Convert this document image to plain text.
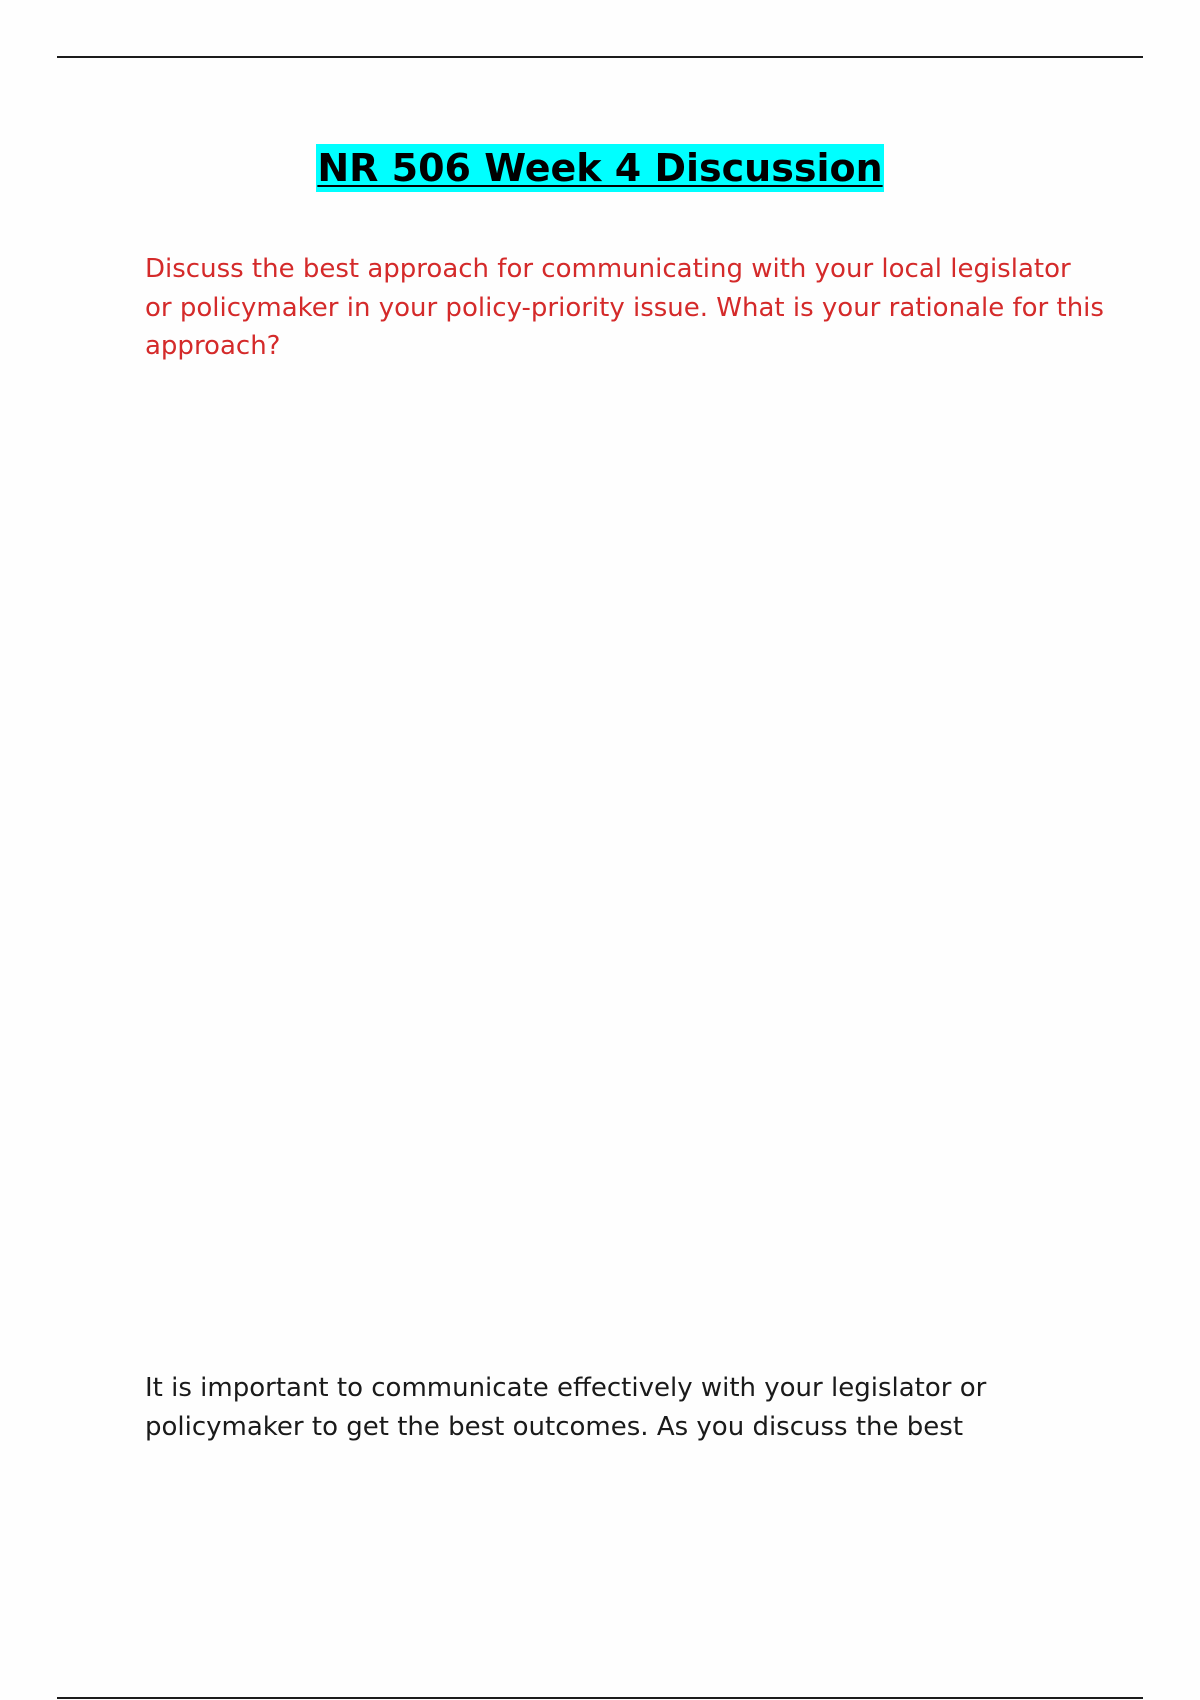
NR 506 Week 4 Discussion

Discuss the best approach for communicating with your local legislator or policymaker in your policy-priority issue. What is your rationale for this approach?

It is important to communicate effectively with your legislator or policymaker to get the best outcomes. As you discuss the best
